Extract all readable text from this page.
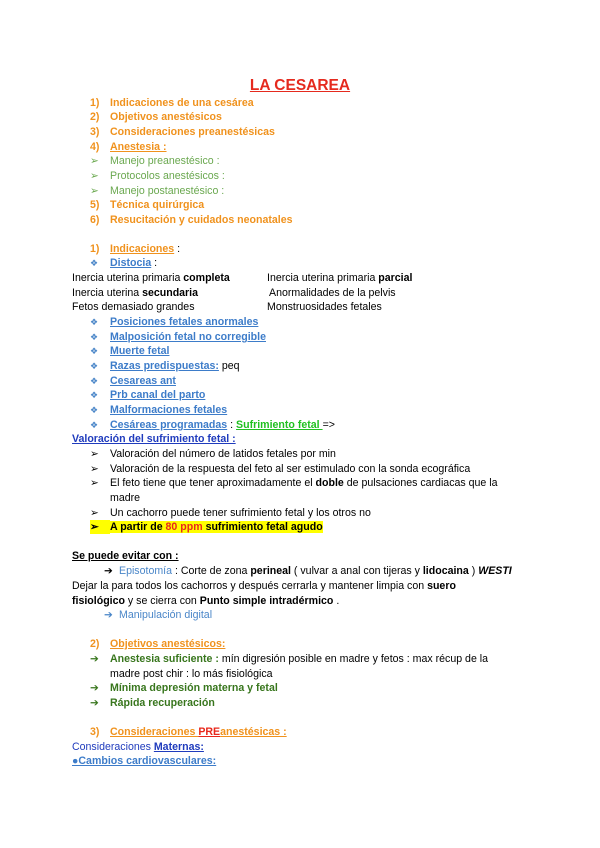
LA CESAREA
1) Indicaciones de una cesárea
2) Objetivos anestésicos
3) Consideraciones preanestésicas
4) Anestesia :
➢ Manejo preanestésico :
➢ Protocolos anestésicos :
➢ Manejo postanestésico :
5) Técnica quirúrgica
6) Resucitación y cuidados neonatales
1) Indicaciones :
❖ Distocia :
Inercia uterina primaria completa	Inercia uterina primaria parcial
Inercia uterina secundaria	Anormalidades de la pelvis
Fetos demasiado grandes	Monstruosidades fetales
❖ Posiciones fetales anormales
❖ Malposición fetal no corregible
❖ Muerte fetal
❖ Razas predispuestas: peq
❖ Cesareas ant
❖ Prb canal del parto
❖ Malformaciones fetales
❖ Cesáreas programadas : Sufrimiento fetal =>
Valoración del sufrimiento fetal :
➢ Valoración del número de latidos fetales por min
➢ Valoración de la respuesta del feto al ser estimulado con la sonda ecográfica
➢ El feto tiene que tener aproximadamente el doble de pulsaciones cardiacas que la
madre
➢ Un cachorro puede tener sufrimiento fetal y los otros no
➢ A partir de 80 ppm sufrimiento fetal agudo
Se puede evitar con :
➔ Episotomía : Corte de zona perineal ( vulvar a anal con tijeras y lidocaina ) WESTI
Dejar la para todos los cachorros y después cerrarla y mantener limpia con suero
fisiológico y se cierra con Punto simple intradérmico .
➔ Manipulación digital
2) Objetivos anestésicos:
➔ Anestesia suficiente : mín digresión posible en madre y fetos : max récup de la
madre post chir : lo más fisiológica
➔ Mínima depresión materna y fetal
➔ Rápida recuperación
3) Consideraciones PREanestésicas :
Consideraciones Maternas:
●Cambios cardiovasculares:
